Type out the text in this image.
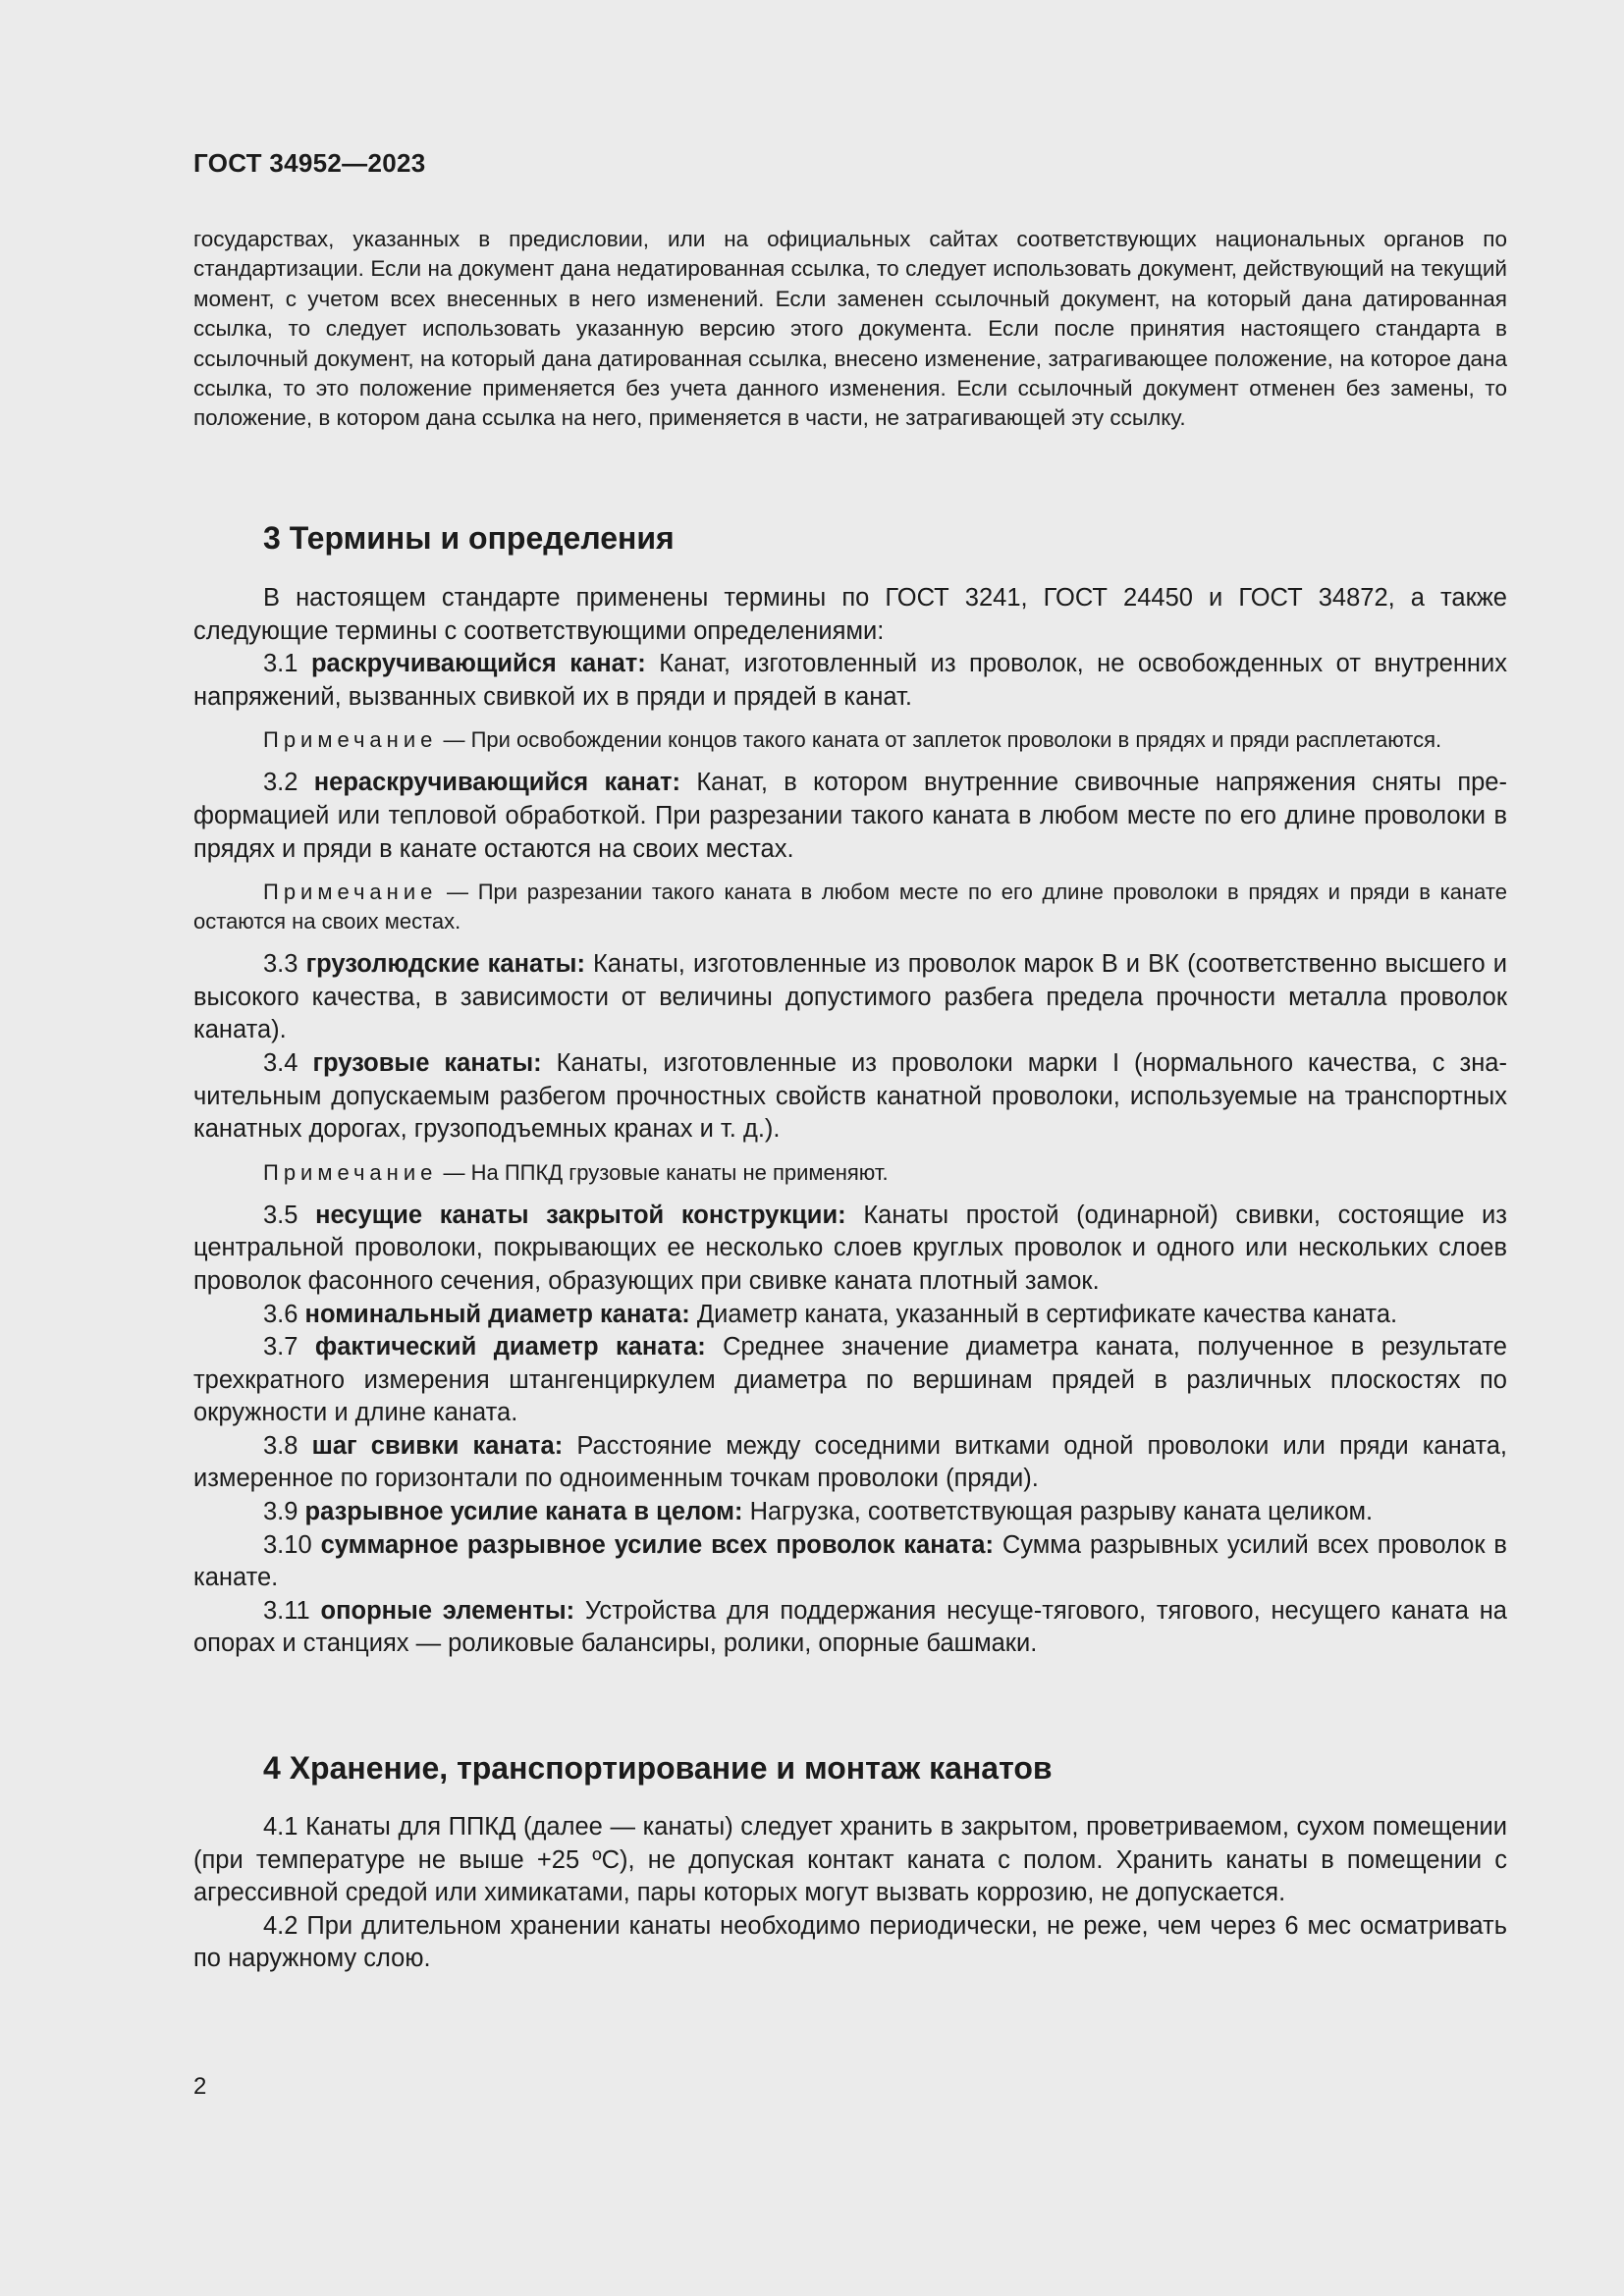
ГОСТ 34952—2023

государствах, указанных в предисловии, или на официальных сайтах соответствующих национальных органов по стандартизации. Если на документ дана недатированная ссылка, то следует использовать документ, действующий на текущий момент, с учетом всех внесенных в него изменений. Если заменен ссылочный документ, на который дана датированная ссылка, то следует использовать указанную версию этого документа. Если после принятия настоящего стандарта в ссылочный документ, на который дана датированная ссылка, внесено изменение, затрагивающее положение, на которое дана ссылка, то это положение применяется без учета данного изменения. Если ссылочный документ отменен без замены, то положение, в котором дана ссылка на него, применяется в части, не затрагивающей эту ссылку.

3 Термины и определения

В настоящем стандарте применены термины по ГОСТ 3241, ГОСТ 24450 и ГОСТ 34872, а также следующие термины с соответствующими определениями:

3.1 раскручивающийся канат: Канат, изготовленный из проволок, не освобожденных от внутренних напряжений, вызванных свивкой их в пряди и прядей в канат.

Примечание — При освобождении концов такого каната от заплеток проволоки в прядях и пряди расплетаются.

3.2 нераскручивающийся канат: Канат, в котором внутренние свивочные напряжения сняты преформацией или тепловой обработкой. При разрезании такого каната в любом месте по его длине проволоки в прядях и пряди в канате остаются на своих местах.

Примечание — При разрезании такого каната в любом месте по его длине проволоки в прядях и пряди в канате остаются на своих местах.

3.3 грузолюдские канаты: Канаты, изготовленные из проволок марок В и ВК (соответственно высшего и высокого качества, в зависимости от величины допустимого разбега предела прочности металла проволок каната).

3.4 грузовые канаты: Канаты, изготовленные из проволоки марки I (нормального качества, с значительным допускаемым разбегом прочностных свойств канатной проволоки, используемые на транспортных канатных дорогах, грузоподъемных кранах и т. д.).

Примечание — На ППКД грузовые канаты не применяют.

3.5 несущие канаты закрытой конструкции: Канаты простой (одинарной) свивки, состоящие из центральной проволоки, покрывающих ее несколько слоев круглых проволок и одного или нескольких слоев проволок фасонного сечения, образующих при свивке каната плотный замок.

3.6 номинальный диаметр каната: Диаметр каната, указанный в сертификате качества каната.

3.7 фактический диаметр каната: Среднее значение диаметра каната, полученное в результате трехкратного измерения штангенциркулем диаметра по вершинам прядей в различных плоскостях по окружности и длине каната.

3.8 шаг свивки каната: Расстояние между соседними витками одной проволоки или пряди каната, измеренное по горизонтали по одноименным точкам проволоки (пряди).

3.9 разрывное усилие каната в целом: Нагрузка, соответствующая разрыву каната целиком.

3.10 суммарное разрывное усилие всех проволок каната: Сумма разрывных усилий всех проволок в канате.

3.11 опорные элементы: Устройства для поддержания несуще-тягового, тягового, несущего каната на опорах и станциях — роликовые балансиры, ролики, опорные башмаки.

4 Хранение, транспортирование и монтаж канатов

4.1 Канаты для ППКД (далее — канаты) следует хранить в закрытом, проветриваемом, сухом помещении (при температуре не выше +25 ºС), не допуская контакт каната с полом. Хранить канаты в помещении с агрессивной средой или химикатами, пары которых могут вызвать коррозию, не допускается.

4.2 При длительном хранении канаты необходимо периодически, не реже, чем через 6 мес осматривать по наружному слою.

2
